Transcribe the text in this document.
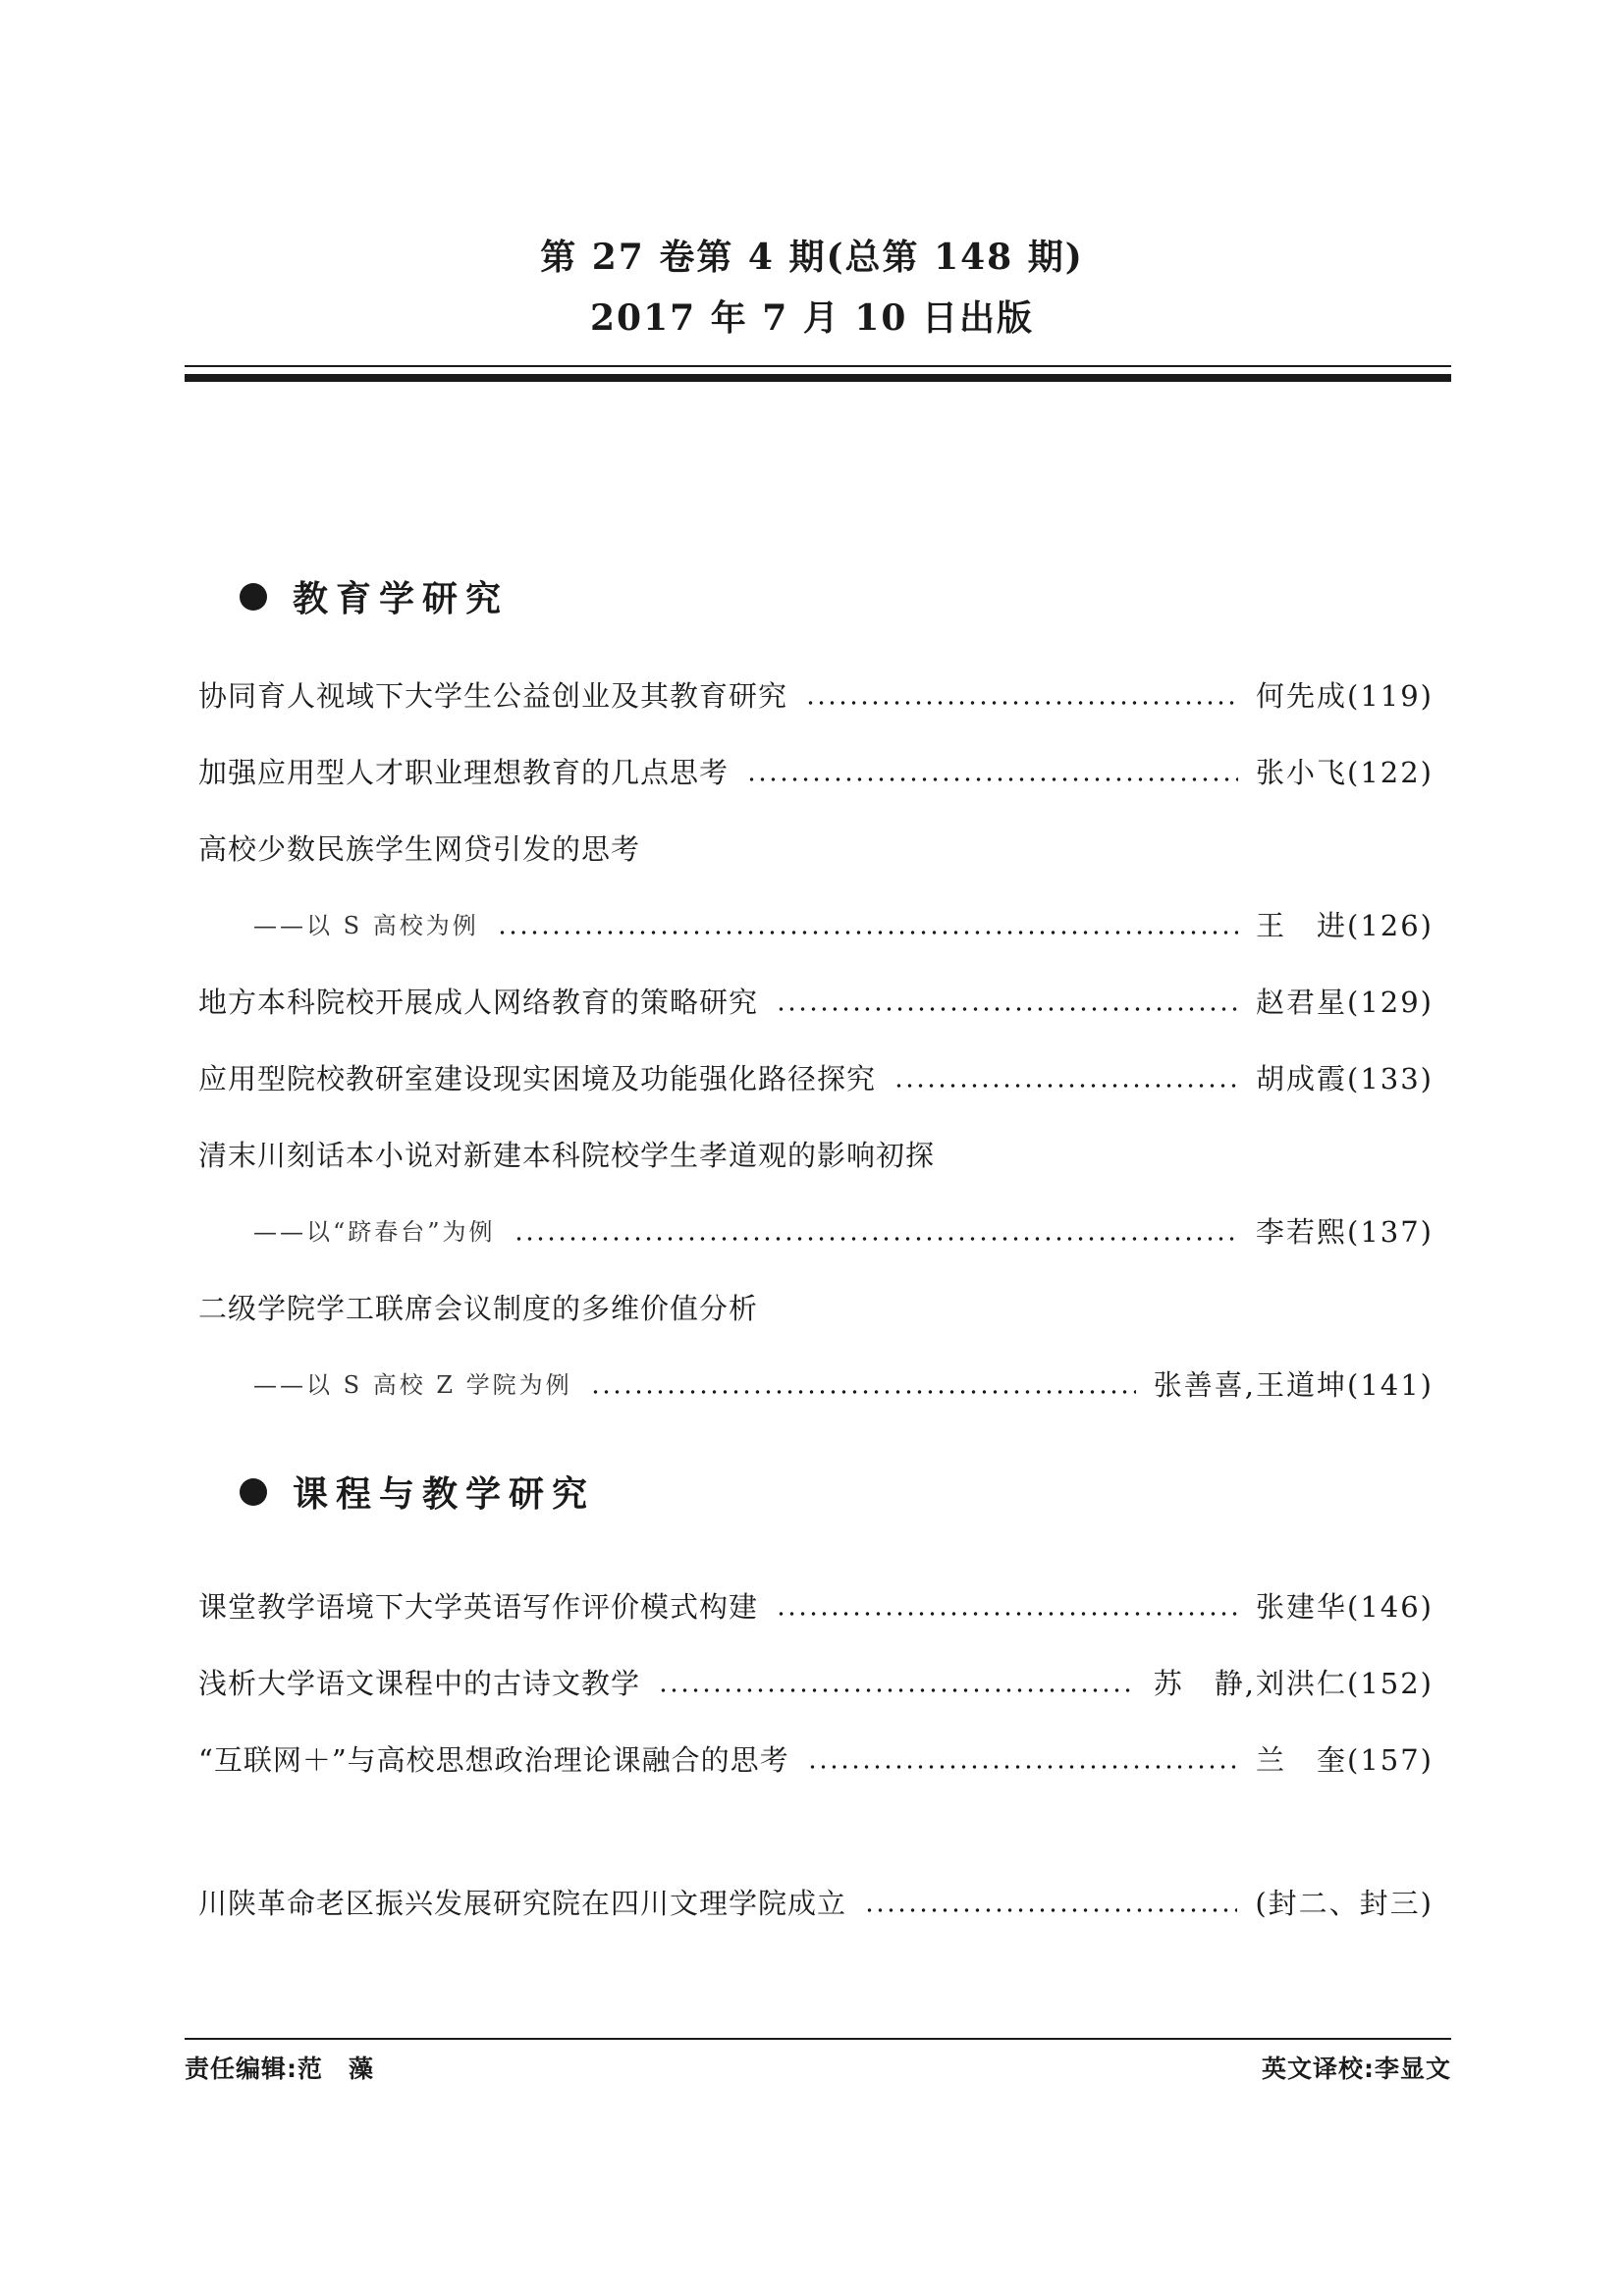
第 27 卷第 4 期(总第 148 期)
2017 年 7 月 10 日出版
教育学研究
协同育人视域下大学生公益创业及其教育研究	何先成(119)
加强应用型人才职业理想教育的几点思考	张小飞(122)
高校少数民族学生网贷引发的思考
——以 S 高校为例	王　进(126)
地方本科院校开展成人网络教育的策略研究	赵君星(129)
应用型院校教研室建设现实困境及功能强化路径探究	胡成霞(133)
清末川刻话本小说对新建本科院校学生孝道观的影响初探
——以“跻春台”为例	李若熙(137)
二级学院学工联席会议制度的多维价值分析
——以 S 高校 Z 学院为例	张善喜,王道坤(141)
课程与教学研究
课堂教学语境下大学英语写作评价模式构建	张建华(146)
浅析大学语文课程中的古诗文教学	苏　静,刘洪仁(152)
“互联网＋”与高校思想政治理论课融合的思考	兰　奎(157)
川陕革命老区振兴发展研究院在四川文理学院成立	(封二、封三)
责任编辑:范　藻	英文译校:李显文
